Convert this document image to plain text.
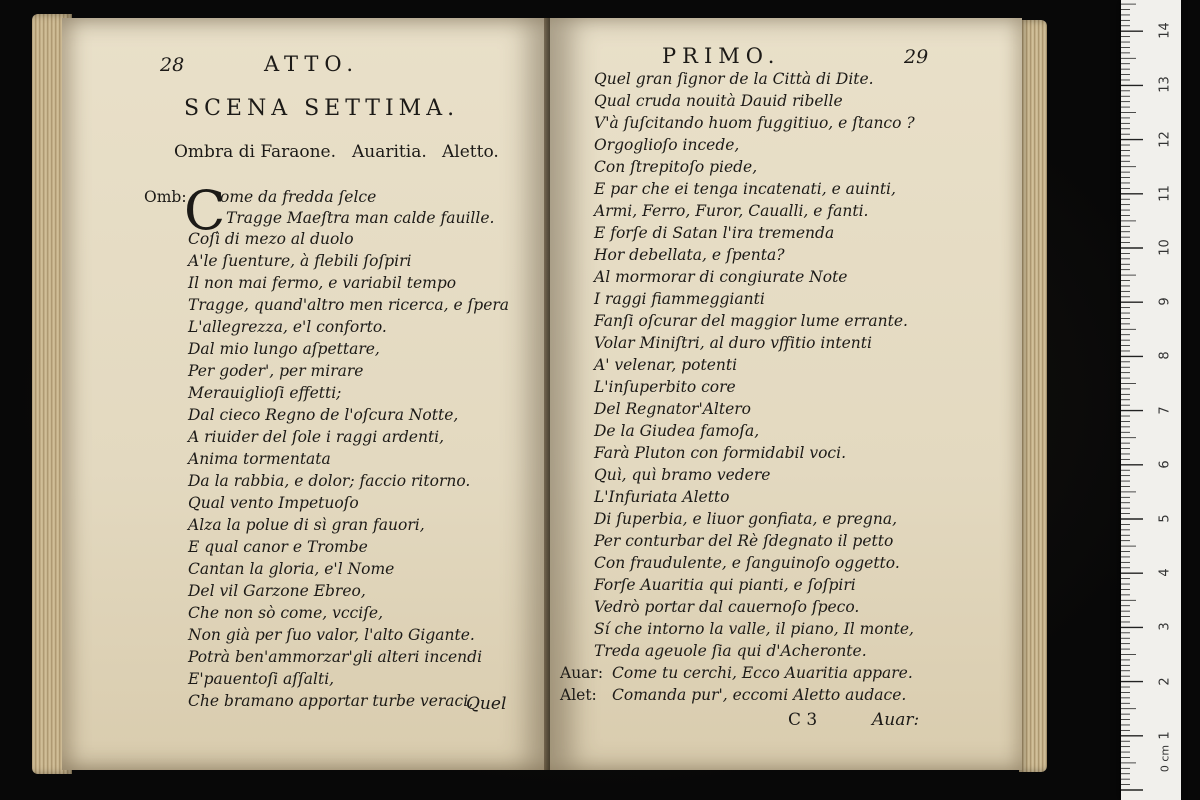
28	ATTO.
SCENA SETTIMA.
Ombra di Faraone. Auaritia. Aletto.
Omb:
C
ome da fredda ſelce
Tragge Maeſtra man calde fauille.
Coſì di mezo al duolo
A'le ſuenture, à flebili ſoſpiri
Il non mai fermo, e variabil tempo
Tragge, quand'altro men ricerca, e ſpera
L'allegrezza, e'l conforto.
Dal mio lungo aſpettare,
Per goder', per mirare
Merauiglioſi effetti;
Dal cieco Regno de l'oſcura Notte,
A riuider del ſole i raggi ardenti,
Anima tormentata
Da la rabbia, e dolor; faccio ritorno.
Qual vento Impetuoſo
Alza la polue di sì gran fauori,
E qual canor e Trombe
Cantan la gloria, e'l Nome
Del vil Garzone Ebreo,
Che non sò come, vcciſe,
Non già per ſuo valor, l'alto Gigante.
Potrà ben'ammorzar'gli alteri incendi
E'pauentoſi aſſalti,
Che bramano apportar turbe veraci,
Quel
PRIMO.	29
Quel gran ſignor de la Città di Dite.
Qual cruda nouità Dauid ribelle
V'à ſuſcitando huom fuggitiuo, e ſtanco ?
Orgoglioſo incede,
Con ſtrepitoſo piede,
E par che ei tenga incatenati, e auinti,
Armi, Ferro, Furor, Caualli, e fanti.
E forſe di Satan l'ira tremenda
Hor debellata, e ſpenta?
Al mormorar di congiurate Note
I raggi fiammeggianti
Fanſi oſcurar del maggior lume errante.
Volar Miniſtri, al duro vffitio intenti
A' velenar, potenti
L'inſuperbito core
Del Regnator'Altero
De la Giudea famoſa,
Farà Pluton con formidabil voci.
Quì, quì bramo vedere
L'Infuriata Aletto
Di ſuperbia, e liuor gonfiata, e pregna,
Per conturbar del Rè ſdegnato il petto
Con fraudulente, e ſanguinoſo oggetto.
Forſe Auaritia qui pianti, e ſoſpiri
Vedrò portar dal cauernoſo ſpeco.
Sí che intorno la valle, il piano, Il monte,
Treda ageuole ſia qui d'Acheronte.
Auar: Come tu cerchi, Ecco Auaritia appare.
Alet: Comanda pur', eccomi Aletto audace.
C 3	Auar:
0 cm
1
2
3
4
5
6
7
8
9
10
11
12
13
14
